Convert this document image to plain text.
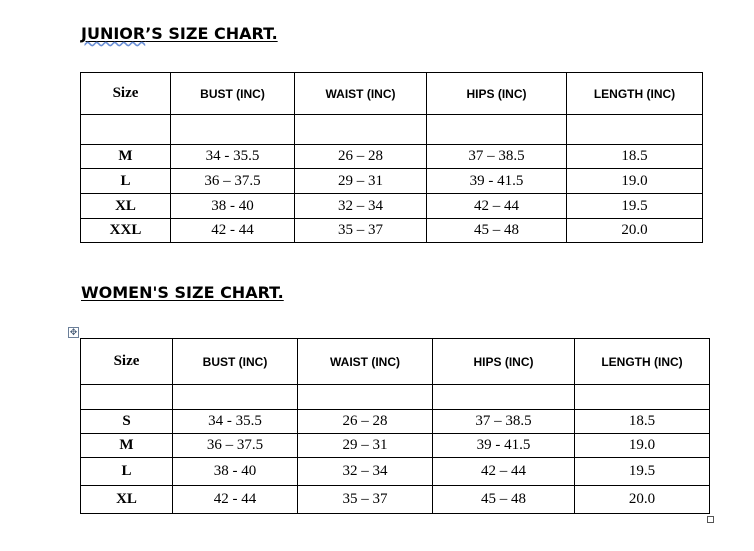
JUNIOR’S SIZE CHART.
Size	BUST (INC)	WAIST (INC)	HIPS (INC)	LENGTH (INC)

M	34 - 35.5	26 – 28	37 – 38.5	18.5
L	36 – 37.5	29 – 31	39 - 41.5	19.0
XL	38 - 40	32 – 34	42 – 44	19.5
XXL	42 - 44	35 – 37	45 – 48	20.0
WOMEN'S SIZE CHART.
✥
Size	BUST (INC)	WAIST (INC)	HIPS (INC)	LENGTH (INC)

S	34 - 35.5	26 – 28	37 – 38.5	18.5
M	36 – 37.5	29 – 31	39 - 41.5	19.0
L	38 - 40	32 – 34	42 – 44	19.5
XL	42 - 44	35 – 37	45 – 48	20.0
